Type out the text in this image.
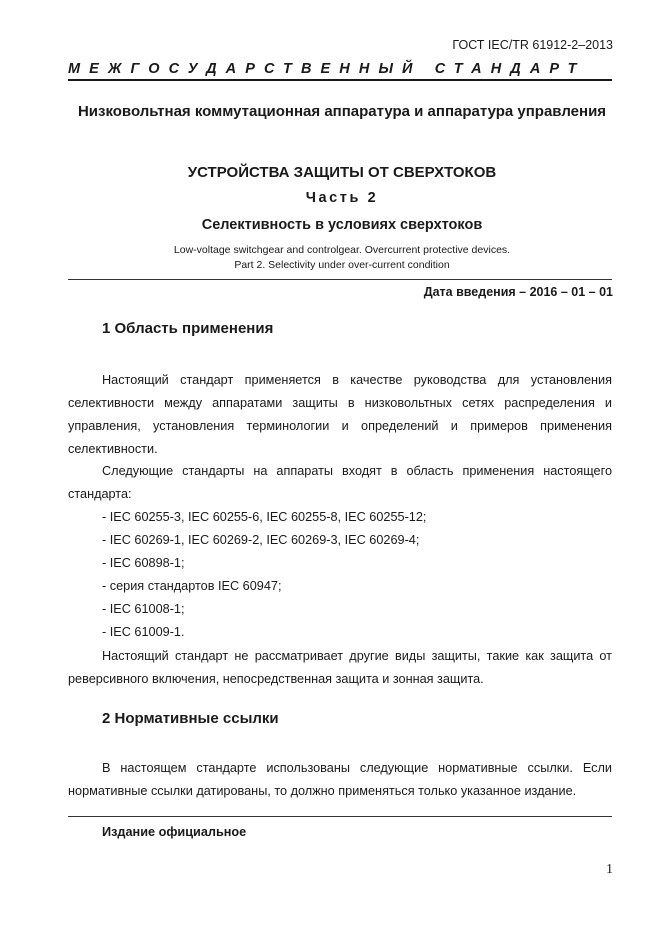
ГОСТ IEC/TR 61912-2–2013
МЕЖГОСУДАРСТВЕННЫЙ СТАНДАРТ
Низковольтная коммутационная аппаратура и аппаратура управления
УСТРОЙСТВА ЗАЩИТЫ ОТ СВЕРХТОКОВ
Часть 2
Селективность в условиях сверхтоков
Low-voltage switchgear and controlgear. Overcurrent protective devices.
Part 2. Selectivity under over-current condition
Дата введения – 2016 – 01 – 01
1 Область применения
Настоящий стандарт применяется в качестве руководства для установления селективности между аппаратами защиты в низковольтных сетях распределения и управления, установления терминологии и определений и примеров применения селективности.
Следующие стандарты на аппараты входят в область применения настоящего стандарта:
- IEC 60255-3, IEC 60255-6, IEC 60255-8, IEC 60255-12;
- IEC 60269-1, IEC 60269-2, IEC 60269-3, IEC 60269-4;
- IEC 60898-1;
- серия стандартов IEC 60947;
- IEC 61008-1;
- IEC 61009-1.
Настоящий стандарт не рассматривает другие виды защиты, такие как защита от реверсивного включения, непосредственная защита и зонная защита.
2 Нормативные ссылки
В настоящем стандарте использованы следующие нормативные ссылки. Если нормативные ссылки датированы, то должно применяться только указанное издание.
Издание официальное
1
